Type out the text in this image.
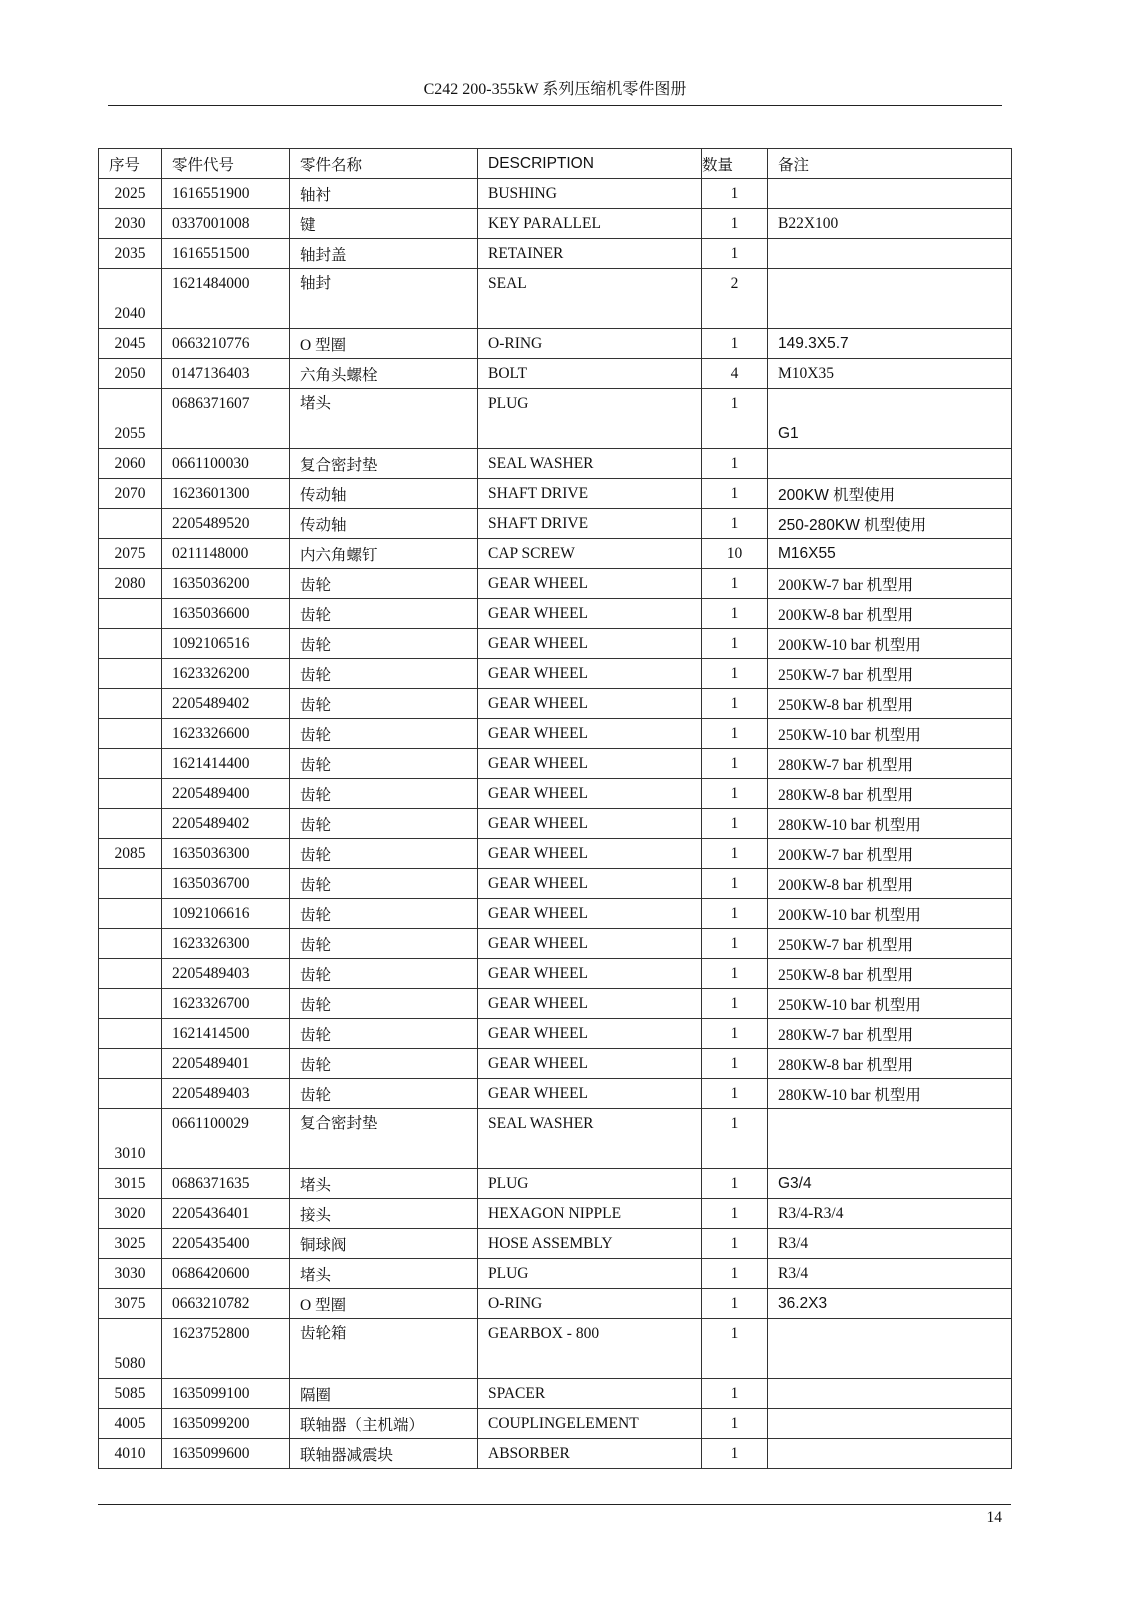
C242 200-355kW 系列压缩机零件图册
序号	零件代号	零件名称	DESCRIPTION	数量	备注

2025	1616551900	轴衬	BUSHING	1	

2030	0337001008	键	KEY PARALLEL	1	B22X100

2035	1616551500	轴封盖	RETAINER	1	

2040	1621484000	轴封	SEAL	2	

2045	0663210776	O 型圈	O-RING	1	149.3X5.7

2050	0147136403	六角头螺栓	BOLT	4	M10X35

2055	0686371607	堵头	PLUG	1	G1

2060	0661100030	复合密封垫	SEAL WASHER	1	

2070	1623601300	传动轴	SHAFT DRIVE	1	200KW 机型使用

	2205489520	传动轴	SHAFT DRIVE	1	250-280KW 机型使用

2075	0211148000	内六角螺钉	CAP SCREW	10	M16X55

2080	1635036200	齿轮	GEAR WHEEL	1	200KW-7 bar 机型用

	1635036600	齿轮	GEAR WHEEL	1	200KW-8 bar 机型用

	1092106516	齿轮	GEAR WHEEL	1	200KW-10 bar 机型用

	1623326200	齿轮	GEAR WHEEL	1	250KW-7 bar 机型用

	2205489402	齿轮	GEAR WHEEL	1	250KW-8 bar 机型用

	1623326600	齿轮	GEAR WHEEL	1	250KW-10 bar 机型用

	1621414400	齿轮	GEAR WHEEL	1	280KW-7 bar 机型用

	2205489400	齿轮	GEAR WHEEL	1	280KW-8 bar 机型用

	2205489402	齿轮	GEAR WHEEL	1	280KW-10 bar 机型用

2085	1635036300	齿轮	GEAR WHEEL	1	200KW-7 bar 机型用

	1635036700	齿轮	GEAR WHEEL	1	200KW-8 bar 机型用

	1092106616	齿轮	GEAR WHEEL	1	200KW-10 bar 机型用

	1623326300	齿轮	GEAR WHEEL	1	250KW-7 bar 机型用

	2205489403	齿轮	GEAR WHEEL	1	250KW-8 bar 机型用

	1623326700	齿轮	GEAR WHEEL	1	250KW-10 bar 机型用

	1621414500	齿轮	GEAR WHEEL	1	280KW-7 bar 机型用

	2205489401	齿轮	GEAR WHEEL	1	280KW-8 bar 机型用

	2205489403	齿轮	GEAR WHEEL	1	280KW-10 bar 机型用

3010	0661100029	复合密封垫	SEAL WASHER	1	

3015	0686371635	堵头	PLUG	1	G3/4

3020	2205436401	接头	HEXAGON NIPPLE	1	R3/4-R3/4

3025	2205435400	铜球阀	HOSE ASSEMBLY	1	R3/4

3030	0686420600	堵头	PLUG	1	R3/4

3075	0663210782	O 型圈	O-RING	1	36.2X3

5080	1623752800	齿轮箱	GEARBOX - 800	1	

5085	1635099100	隔圈	SPACER	1	

4005	1635099200	联轴器（主机端）	COUPLINGELEMENT	1	

4010	1635099600	联轴器减震块	ABSORBER	1	
14
